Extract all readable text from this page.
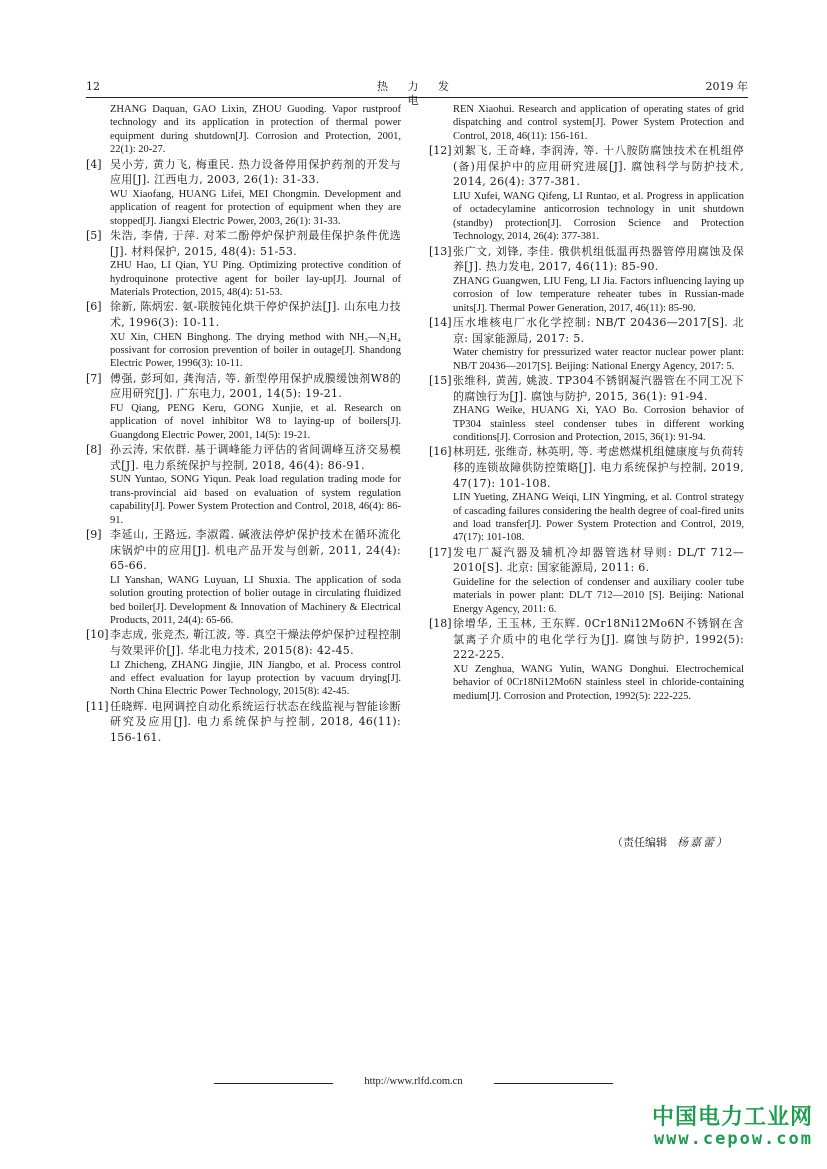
12	热 力 发 电
2019 年
ZHANG Daquan, GAO Lixin, ZHOU Guoding. Vapor rustproof technology and its application in protection of thermal power equipment during shutdown[J]. Corrosion and Protection, 2001, 22(1): 20-27.
[4] 吴小芳, 黄力飞, 梅重民. 热力设备停用保护药剂的开发与应用[J]. 江西电力, 2003, 26(1): 31-33.
WU Xiaofang, HUANG Lifei, MEI Chongmin. Development and application of reagent for protection of equipment when they are stopped[J]. Jiangxi Electric Power, 2003, 26(1): 31-33.
[5] 朱浩, 李倩, 于萍. 对苯二酚停炉保护剂最佳保护条件优选[J]. 材料保护, 2015, 48(4): 51-53.
ZHU Hao, LI Qian, YU Ping. Optimizing protective condition of hydroquinone protective agent for boiler lay-up[J]. Journal of Materials Protection, 2015, 48(4): 51-53.
[6] 徐新, 陈炳宏. 氨-联胺钝化烘干停炉保护法[J]. 山东电力技术, 1996(3): 10-11.
XU Xin, CHEN Binghong. The drying method with NH₃—N₂H₄ possivant for corrosion prevention of boiler in outage[J]. Shandong Electric Power, 1996(3): 10-11.
[7] 傅强, 彭珂如, 龚洵洁, 等. 新型停用保护成膜缓蚀剂W8的应用研究[J]. 广东电力, 2001, 14(5): 19-21.
FU Qiang, PENG Keru, GONG Xunjie, et al. Research on application of novel inhibitor W8 to laying-up of boilers[J]. Guangdong Electric Power, 2001, 14(5): 19-21.
[8] 孙云涛, 宋依群. 基于调峰能力评估的省间调峰互济交易模式[J]. 电力系统保护与控制, 2018, 46(4): 86-91.
SUN Yuntao, SONG Yiqun. Peak load regulation trading mode for trans-provincial aid based on evaluation of system regulation capability[J]. Power System Protection and Control, 2018, 46(4): 86-91.
[9] 李延山, 王路远, 李淑霞. 碱液法停炉保护技术在循环流化床锅炉中的应用[J]. 机电产品开发与创新, 2011, 24(4): 65-66.
LI Yanshan, WANG Luyuan, LI Shuxia. The application of soda solution grouting protection of bolier outage in circulating fluidized bed boiler[J]. Development & Innovation of Machinery & Electrical Products, 2011, 24(4): 65-66.
[10] 李志成, 张竞杰, 靳江波, 等. 真空干燥法停炉保护过程控制与效果评价[J]. 华北电力技术, 2015(8): 42-45.
LI Zhicheng, ZHANG Jingjie, JIN Jiangbo, et al. Process control and effect evaluation for layup protection by vacuum drying[J]. North China Electric Power Technology, 2015(8): 42-45.
[11] 任晓辉. 电网调控自动化系统运行状态在线监视与智能诊断研究及应用[J]. 电力系统保护与控制, 2018, 46(11): 156-161.
REN Xiaohui. Research and application of operating states of grid dispatching and control system[J]. Power System Protection and Control, 2018, 46(11): 156-161.
[12] 刘絮飞, 王奇峰, 李润涛, 等. 十八胺防腐蚀技术在机组停(备)用保护中的应用研究进展[J]. 腐蚀科学与防护技术, 2014, 26(4): 377-381.
LIU Xufei, WANG Qifeng, LI Runtao, et al. Progress in application of octadecylamine anticorrosion technology in unit shutdown (standby) protection[J]. Corrosion Science and Protection Technology, 2014, 26(4): 377-381.
[13] 张广文, 刘锋, 李佳. 俄供机组低温再热器管停用腐蚀及保养[J]. 热力发电, 2017, 46(11): 85-90.
ZHANG Guangwen, LIU Feng, LI Jia. Factors influencing laying up corrosion of low temperature reheater tubes in Russian-made units[J]. Thermal Power Generation, 2017, 46(11): 85-90.
[14] 压水堆核电厂水化学控制: NB/T 20436—2017[S]. 北京: 国家能源局, 2017: 5.
Water chemistry for pressurized water reactor nuclear power plant: NB/T 20436—2017[S]. Beijing: National Energy Agency, 2017: 5.
[15] 张维科, 黄茜, 姚波. TP304不锈钢凝汽器管在不同工况下的腐蚀行为[J]. 腐蚀与防护, 2015, 36(1): 91-94.
ZHANG Weike, HUANG Xi, YAO Bo. Corrosion behavior of TP304 stainless steel condenser tubes in different working conditions[J]. Corrosion and Protection, 2015, 36(1): 91-94.
[16] 林玥廷, 张维奇, 林英明, 等. 考虑燃煤机组健康度与负荷转移的连锁故障供防控策略[J]. 电力系统保护与控制, 2019, 47(17): 101-108.
LIN Yueting, ZHANG Weiqi, LIN Yingming, et al. Control strategy of cascading failures considering the health degree of coal-fired units and load transfer[J]. Power System Protection and Control, 2019, 47(17): 101-108.
[17] 发电厂凝汽器及辅机冷却器管选材导则: DL/T 712—2010[S]. 北京: 国家能源局, 2011: 6.
Guideline for the selection of condenser and auxiliary cooler tube materials in power plant: DL/T 712—2010 [S]. Beijing: National Energy Agency, 2011: 6.
[18] 徐增华, 王玉林, 王东辉. 0Cr18Ni12Mo6N不锈钢在含氯离子介质中的电化学行为[J]. 腐蚀与防护, 1992(5): 222-225.
XU Zenghua, WANG Yulin, WANG Donghui. Electrochemical behavior of 0Cr18Ni12Mo6N stainless steel in chloride-containing medium[J]. Corrosion and Protection, 1992(5): 222-225.
（责任编辑 杨嘉蕾）
http://www.rlfd.com.cn
中国电力工业网
www.cepow.com
